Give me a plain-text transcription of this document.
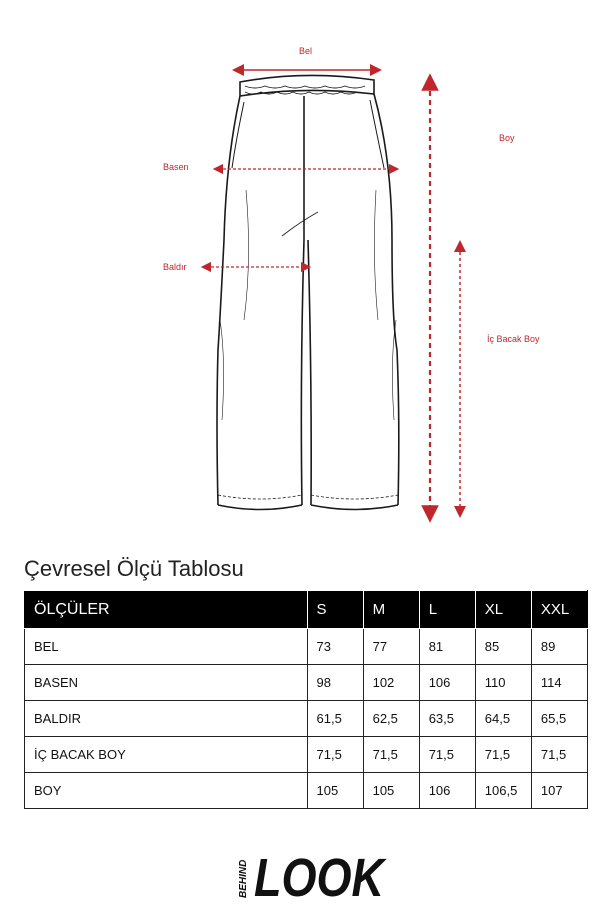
Bel
Boy
Basen
Baldır
İç Bacak Boy
Çevresel Ölçü Tablosu
ÖLÇÜLER	S	M	L	XL	XXL
BEL	73	77	81	85	89
BASEN	98	102	106	110	114
BALDIR	61,5	62,5	63,5	64,5	65,5
İÇ BACAK BOY	71,5	71,5	71,5	71,5	71,5
BOY	105	105	106	106,5	107
BEHIND LOOK
